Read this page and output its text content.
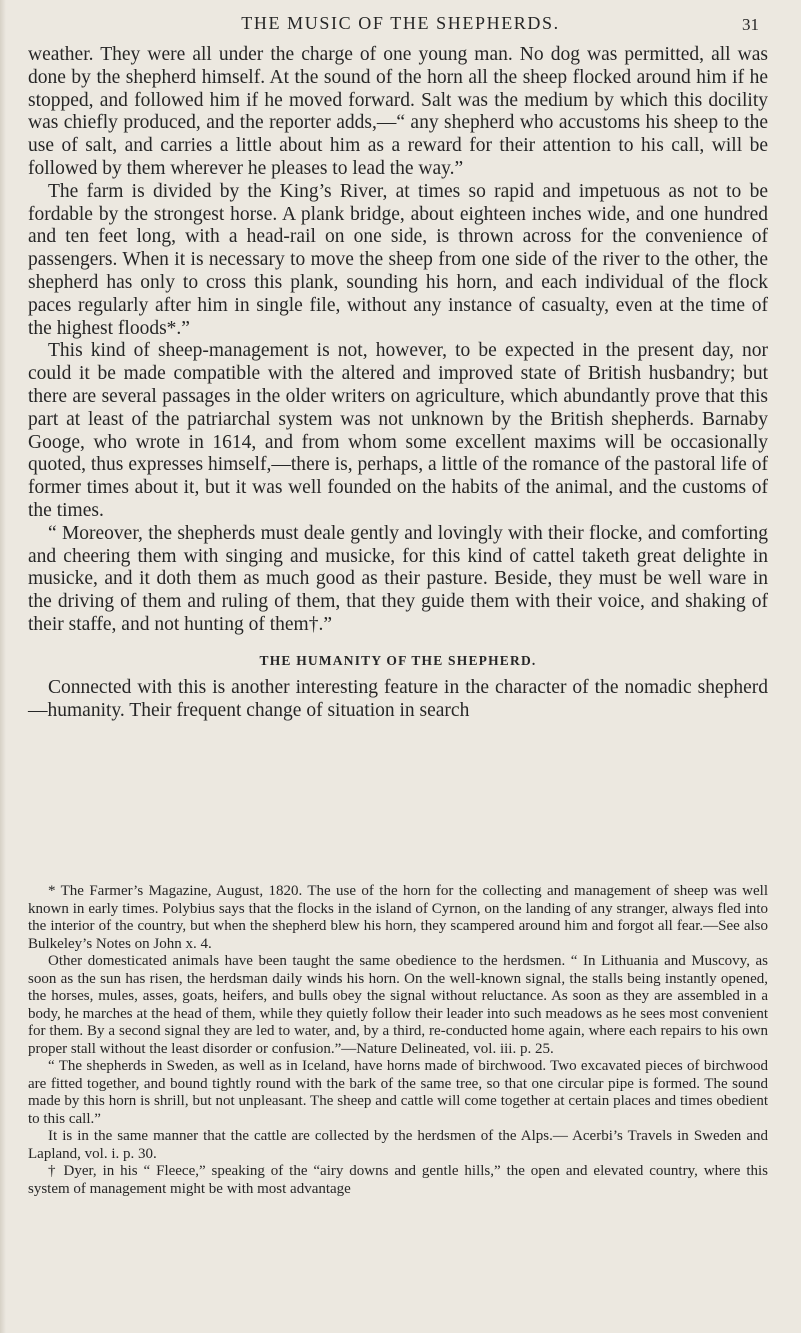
THE MUSIC OF THE SHEPHERDS.	31

weather. They were all under the charge of one young man. No dog was permitted, all was done by the shepherd himself. At the sound of the horn all the sheep flocked around him if he stopped, and followed him if he moved forward. Salt was the medium by which this docility was chiefly produced, and the reporter adds,—“ any shepherd who accustoms his sheep to the use of salt, and carries a little about him as a reward for their attention to his call, will be followed by them wherever he pleases to lead the way.”

The farm is divided by the King’s River, at times so rapid and impetuous as not to be fordable by the strongest horse. A plank bridge, about eighteen inches wide, and one hundred and ten feet long, with a head-rail on one side, is thrown across for the convenience of passengers. When it is necessary to move the sheep from one side of the river to the other, the shepherd has only to cross this plank, sounding his horn, and each individual of the flock paces regularly after him in single file, without any instance of casualty, even at the time of the highest floods*.”

This kind of sheep-management is not, however, to be expected in the present day, nor could it be made compatible with the altered and improved state of British husbandry; but there are several passages in the older writers on agriculture, which abundantly prove that this part at least of the patriarchal system was not unknown by the British shepherds. Barnaby Googe, who wrote in 1614, and from whom some excellent maxims will be occasionally quoted, thus expresses himself,—there is, perhaps, a little of the romance of the pastoral life of former times about it, but it was well founded on the habits of the animal, and the customs of the times.

“ Moreover, the shepherds must deale gently and lovingly with their flocke, and comforting and cheering them with singing and musicke, for this kind of cattel taketh great delighte in musicke, and it doth them as much good as their pasture. Beside, they must be well ware in the driving of them and ruling of them, that they guide them with their voice, and shaking of their staffe, and not hunting of them†.”

THE HUMANITY OF THE SHEPHERD.

Connected with this is another interesting feature in the character of the nomadic shepherd—humanity. Their frequent change of situation in search

* The Farmer’s Magazine, August, 1820. The use of the horn for the collecting and management of sheep was well known in early times. Polybius says that the flocks in the island of Cyrnon, on the landing of any stranger, always fled into the interior of the country, but when the shepherd blew his horn, they scampered around him and forgot all fear.—See also Bulkeley’s Notes on John x. 4.

Other domesticated animals have been taught the same obedience to the herdsmen. “ In Lithuania and Muscovy, as soon as the sun has risen, the herdsman daily winds his horn. On the well-known signal, the stalls being instantly opened, the horses, mules, asses, goats, heifers, and bulls obey the signal without reluctance. As soon as they are assembled in a body, he marches at the head of them, while they quietly follow their leader into such meadows as he sees most convenient for them. By a second signal they are led to water, and, by a third, re-conducted home again, where each repairs to his own proper stall without the least disorder or confusion.”—Nature Delineated, vol. iii. p. 25.

“ The shepherds in Sweden, as well as in Iceland, have horns made of birchwood. Two excavated pieces of birchwood are fitted together, and bound tightly round with the bark of the same tree, so that one circular pipe is formed. The sound made by this horn is shrill, but not unpleasant. The sheep and cattle will come together at certain places and times obedient to this call.”

It is in the same manner that the cattle are collected by the herdsmen of the Alps.— Acerbi’s Travels in Sweden and Lapland, vol. i. p. 30.

† Dyer, in his “ Fleece,” speaking of the “airy downs and gentle hills,” the open and elevated country, where this system of management might be with most advantage
